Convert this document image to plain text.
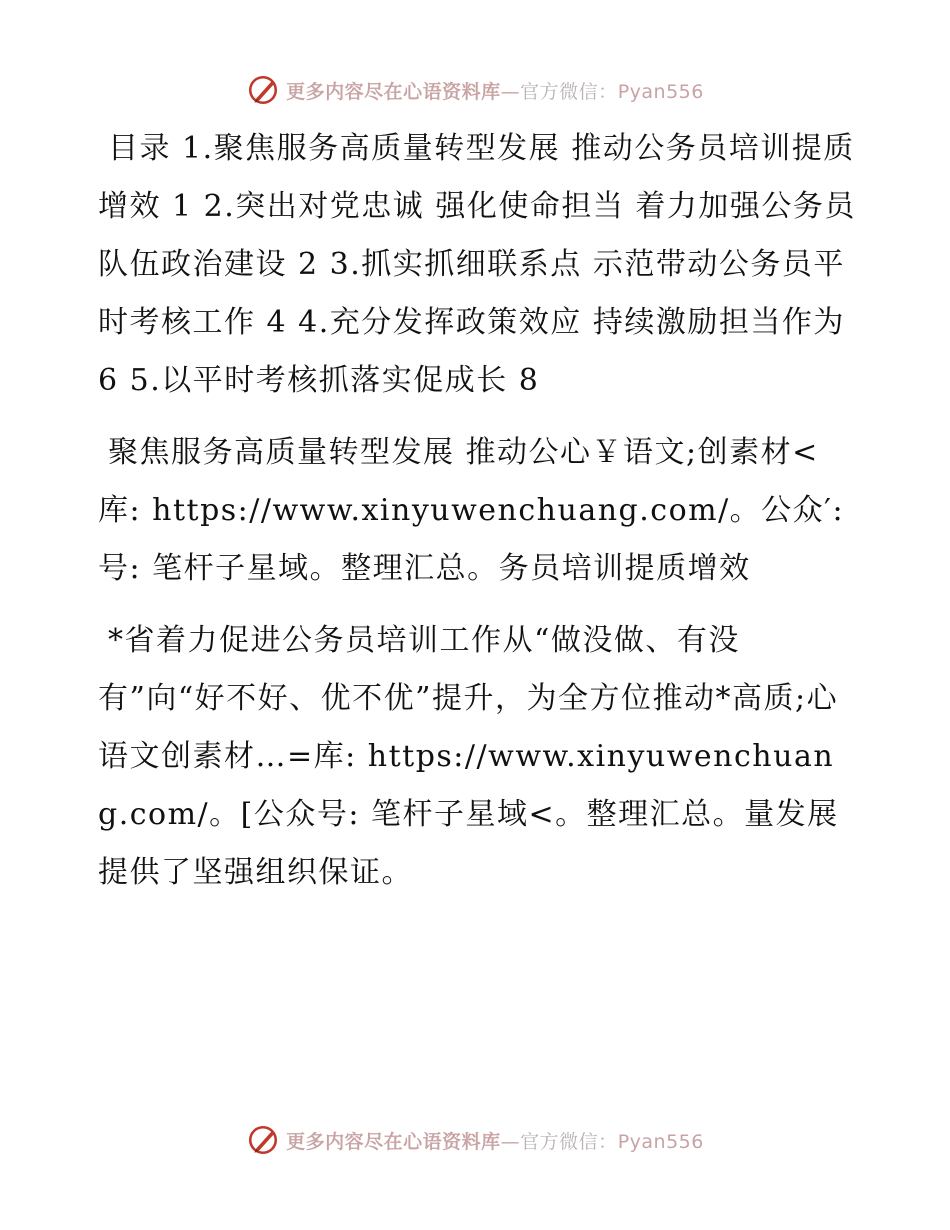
更多内容尽在心语资料库—官方微信：Pyan556

目录 1.聚焦服务高质量转型发展 推动公务员培训提质增效 1 2.突出对党忠诚 强化使命担当 着力加强公务员队伍政治建设 2 3.抓实抓细联系点 示范带动公务员平时考核工作 4 4.充分发挥政策效应 持续激励担当作为 6 5.以平时考核抓落实促成长 8

聚焦服务高质量转型发展 推动公心￥语文;创素材<库: https://www.xinyuwenchuang.com/。公众′:号: 笔杆子星域。整理汇总。务员培训提质增效

*省着力促进公务员培训工作从“做没做、有没有”向“好不好、优不优”提升，为全方位推动*高质;心语文创素材…=库: https://www.xinyuwenchuang.com/。[公众号: 笔杆子星域<。整理汇总。量发展提供了坚强组织保证。

更多内容尽在心语资料库—官方微信：Pyan556
